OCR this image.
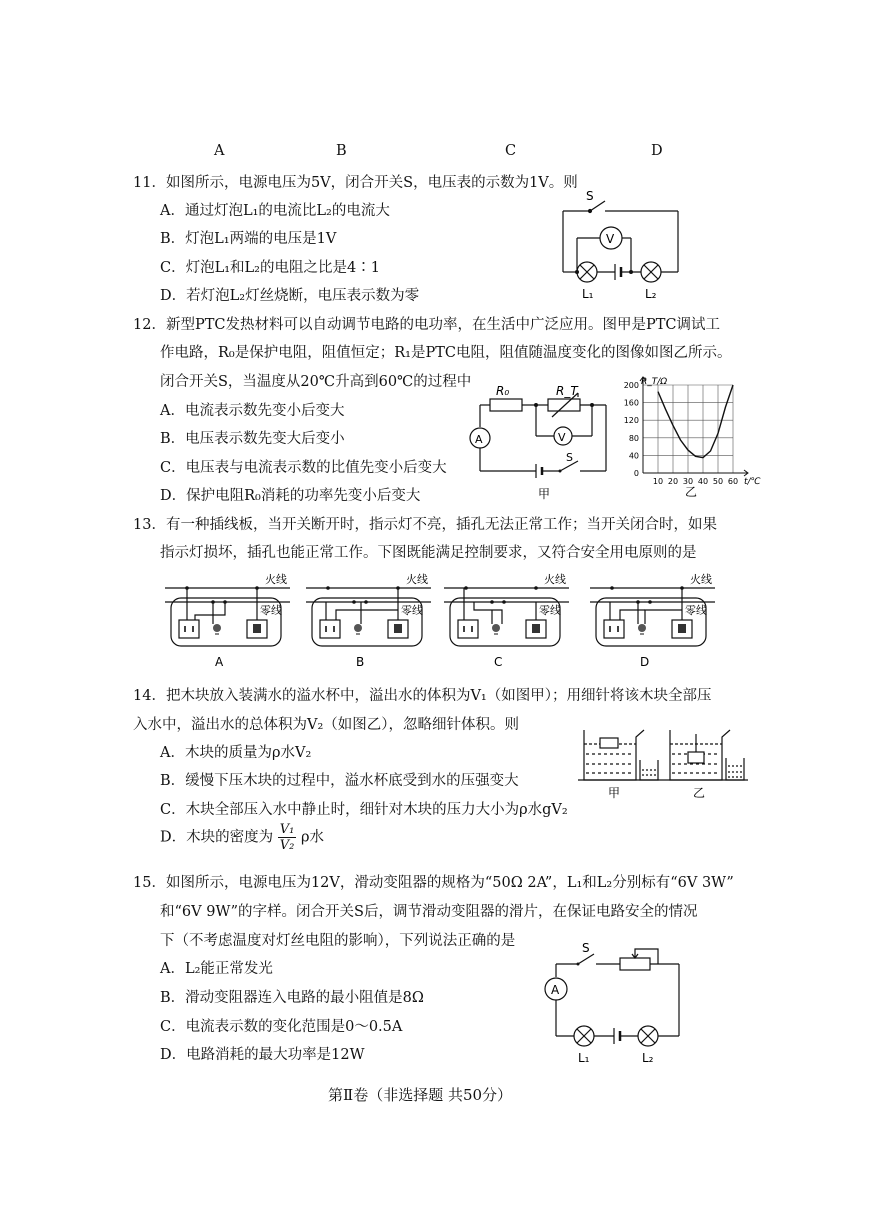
A	B	C	D
11．如图所示，电源电压为5V，闭合开关S，电压表的示数为1V。则
A．通过灯泡L₁的电流比L₂的电流大
B．灯泡L₁两端的电压是1V
C．灯泡L₁和L₂的电阻之比是4∶1
D．若灯泡L₂灯丝烧断，电压表示数为零
S
V
L₁	L₂
12．新型PTC发热材料可以自动调节电路的电功率，在生活中广泛应用。图甲是PTC调试工
作电路，R₀是保护电阻，阻值恒定；R₁是PTC电阻，阻值随温度变化的图像如图乙所示。
闭合开关S，当温度从20℃升高到60℃的过程中
A．电流表示数先变小后变大
B．电压表示数先变大后变小
C．电压表与电流表示数的比值先变小后变大
D．保护电阻R₀消耗的功率先变小后变大
R₀	R_T
A	V
S
甲
0
40
80
120
160
200
10 20 30 40 50 60
R_T/Ω
t/℃
乙
13．有一种插线板，当开关断开时，指示灯不亮，插孔无法正常工作；当开关闭合时，如果
指示灯损坏，插孔也能正常工作。下图既能满足控制要求，又符合安全用电原则的是
火线
零线
A
火线
零线
B
火线
零线
C
火线
零线
D
14．把木块放入装满水的溢水杯中，溢出水的体积为V₁（如图甲）；用细针将该木块全部压
入水中，溢出水的总体积为V₂（如图乙），忽略细针体积。则
A．木块的质量为ρ水V₂
B．缓慢下压木块的过程中，溢水杯底受到水的压强变大
C．木块全部压入水中静止时，细针对木块的压力大小为ρ水gV₂
D．木块的密度为 $\frac{\text{V₁}}{\text{V₂}}$ ρ水
甲	乙
15．如图所示，电源电压为12V，滑动变阻器的规格为“50Ω 2A”，L₁和L₂分别标有“6V 3W”
和“6V 9W”的字样。闭合开关S后，调节滑动变阻器的滑片，在保证电路安全的情况
下（不考虑温度对灯丝电阻的影响），下列说法正确的是
A．L₂能正常发光
B．滑动变阻器连入电路的最小阻值是8Ω
C．电流表示数的变化范围是0～0.5A
D．电路消耗的最大功率是12W
S
A
L₁	L₂
第Ⅱ卷（非选择题 共50分）
